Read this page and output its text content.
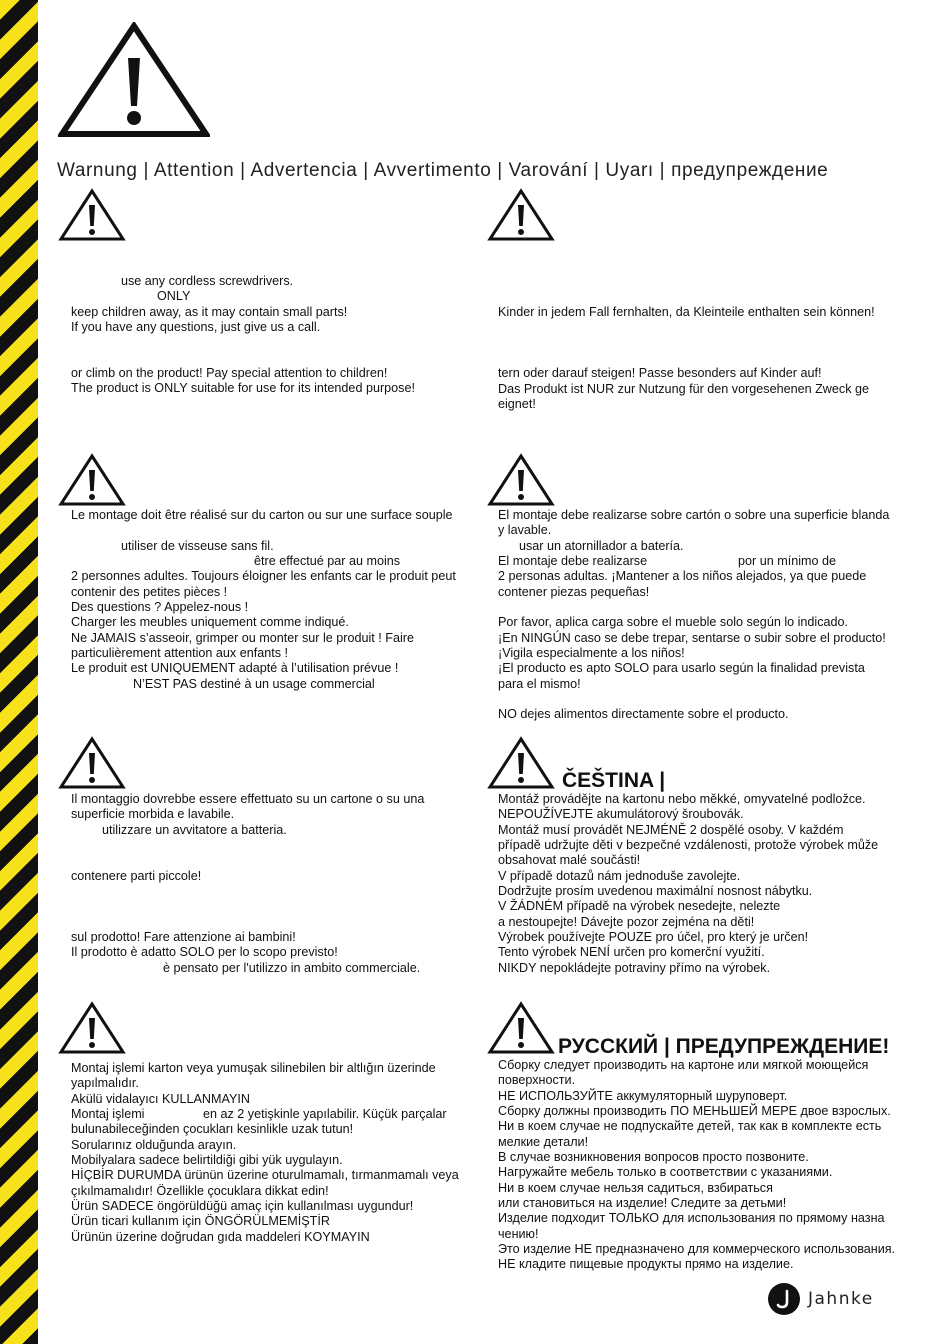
Warnung | Attention | Advertencia | Avvertimento | Varování | Uyarı | предупреждение
ČEŠTINA |
РУССКИЙ | ПРЕДУПРЕЖДЕНИЕ!

use any cordless screwdrivers.

ONLY

keep children away, as it may contain small parts!

If you have any questions, just give us a call.

or climb on the product! Pay special attention to children!

The product is ONLY suitable for use for its intended purpose!

Kinder in jedem Fall fernhalten, da Kleinteile enthalten sein können!

tern oder darauf steigen! Passe besonders auf Kinder auf!

Das Produkt ist NUR zur Nutzung für den vorgesehenen Zweck ge

eignet!

Le montage doit être réalisé sur du carton ou sur une surface souple

utiliser de visseuse sans fil.

être effectué par au moins

2 personnes adultes. Toujours éloigner les enfants car le produit peut

contenir des petites pièces !

Des questions ? Appelez-nous !

Charger les meubles uniquement comme indiqué.

Ne JAMAIS s’asseoir, grimper ou monter sur le produit ! Faire

particulièrement attention aux enfants !

Le produit est UNIQUEMENT adapté à l’utilisation prévue !

N’EST PAS destiné à un usage commercial

El montaje debe realizarse sobre cartón o sobre una superficie blanda

y lavable.

usar un atornillador a batería.

El montaje debe realizarse	por un mínimo de

2 personas adultas. ¡Mantener a los niños alejados, ya que puede

contener piezas pequeñas!

Por favor, aplica carga sobre el mueble solo según lo indicado.

¡En NINGÚN caso se debe trepar, sentarse o subir sobre el producto!

¡Vigila especialmente a los niños!

¡El producto es apto SOLO para usarlo según la finalidad prevista

para el mismo!

NO dejes alimentos directamente sobre el producto.

Il montaggio dovrebbe essere effettuato su un cartone o su una

superficie morbida e lavabile.

utilizzare un avvitatore a batteria.

contenere parti piccole!

sul prodotto! Fare attenzione ai bambini!

Il prodotto è adatto SOLO per lo scopo previsto!

è pensato per l'utilizzo in ambito commerciale.

Montáž provádějte na kartonu nebo měkké, omyvatelné podložce.

NEPOUŽÍVEJTE akumulátorový šroubovák.

Montáž musí provádět NEJMÉNĚ 2 dospělé osoby. V každém

případě udržujte děti v bezpečné vzdálenosti, protože výrobek může

obsahovat malé součásti!

V případě dotazů nám jednoduše zavolejte.

Dodržujte prosím uvedenou maximální nosnost nábytku.

V ŽÁDNÉM případě na výrobek nesedejte, nelezte

a nestoupejte! Dávejte pozor zejména na děti!

Výrobek používejte POUZE pro účel, pro který je určen!

Tento výrobek NENÍ určen pro komerční využití.

NIKDY nepokládejte potraviny přímo na výrobek.

Montaj işlemi karton veya yumuşak silinebilen bir altlığın üzerinde

yapılmalıdır.

Akülü vidalayıcı KULLANMAYIN

Montaj işlemi	en az 2 yetişkinle yapılabilir. Küçük parçalar

bulunabileceğinden çocukları kesinlikle uzak tutun!

Sorularınız olduğunda arayın.

Mobilyalara sadece belirtildiği gibi yük uygulayın.

HİÇBİR DURUMDA ürünün üzerine oturulmamalı, tırmanmamalı veya

çıkılmamalıdır! Özellikle çocuklara dikkat edin!

Ürün SADECE öngörüldüğü amaç için kullanılması uygundur!

Ürün ticari kullanım için ÖNGÖRÜLMEMİŞTİR

Ürünün üzerine doğrudan gıda maddeleri KOYMAYIN

Сборку следует производить на картоне или мягкой моющейся

поверхности.

НЕ ИСПОЛЬЗУЙТЕ аккумуляторный шуруповерт.

Сборку должны производить ПО МЕНЬШЕЙ МЕРЕ двое взрослых.

Ни в коем случае не подпускайте детей, так как в комплекте есть

мелкие детали!

В случае возникновения вопросов просто позвоните.

Нагружайте мебель только в соответствии с указаниями.

Ни в коем случае нельзя садиться, взбираться

или становиться на изделие! Следите за детьми!

Изделие подходит ТОЛЬКО для использования по прямому назна

чению!

Это изделие НЕ предназначено для коммерческого использования.

НЕ кладите пищевые продукты прямо на изделие.

Jahnke
